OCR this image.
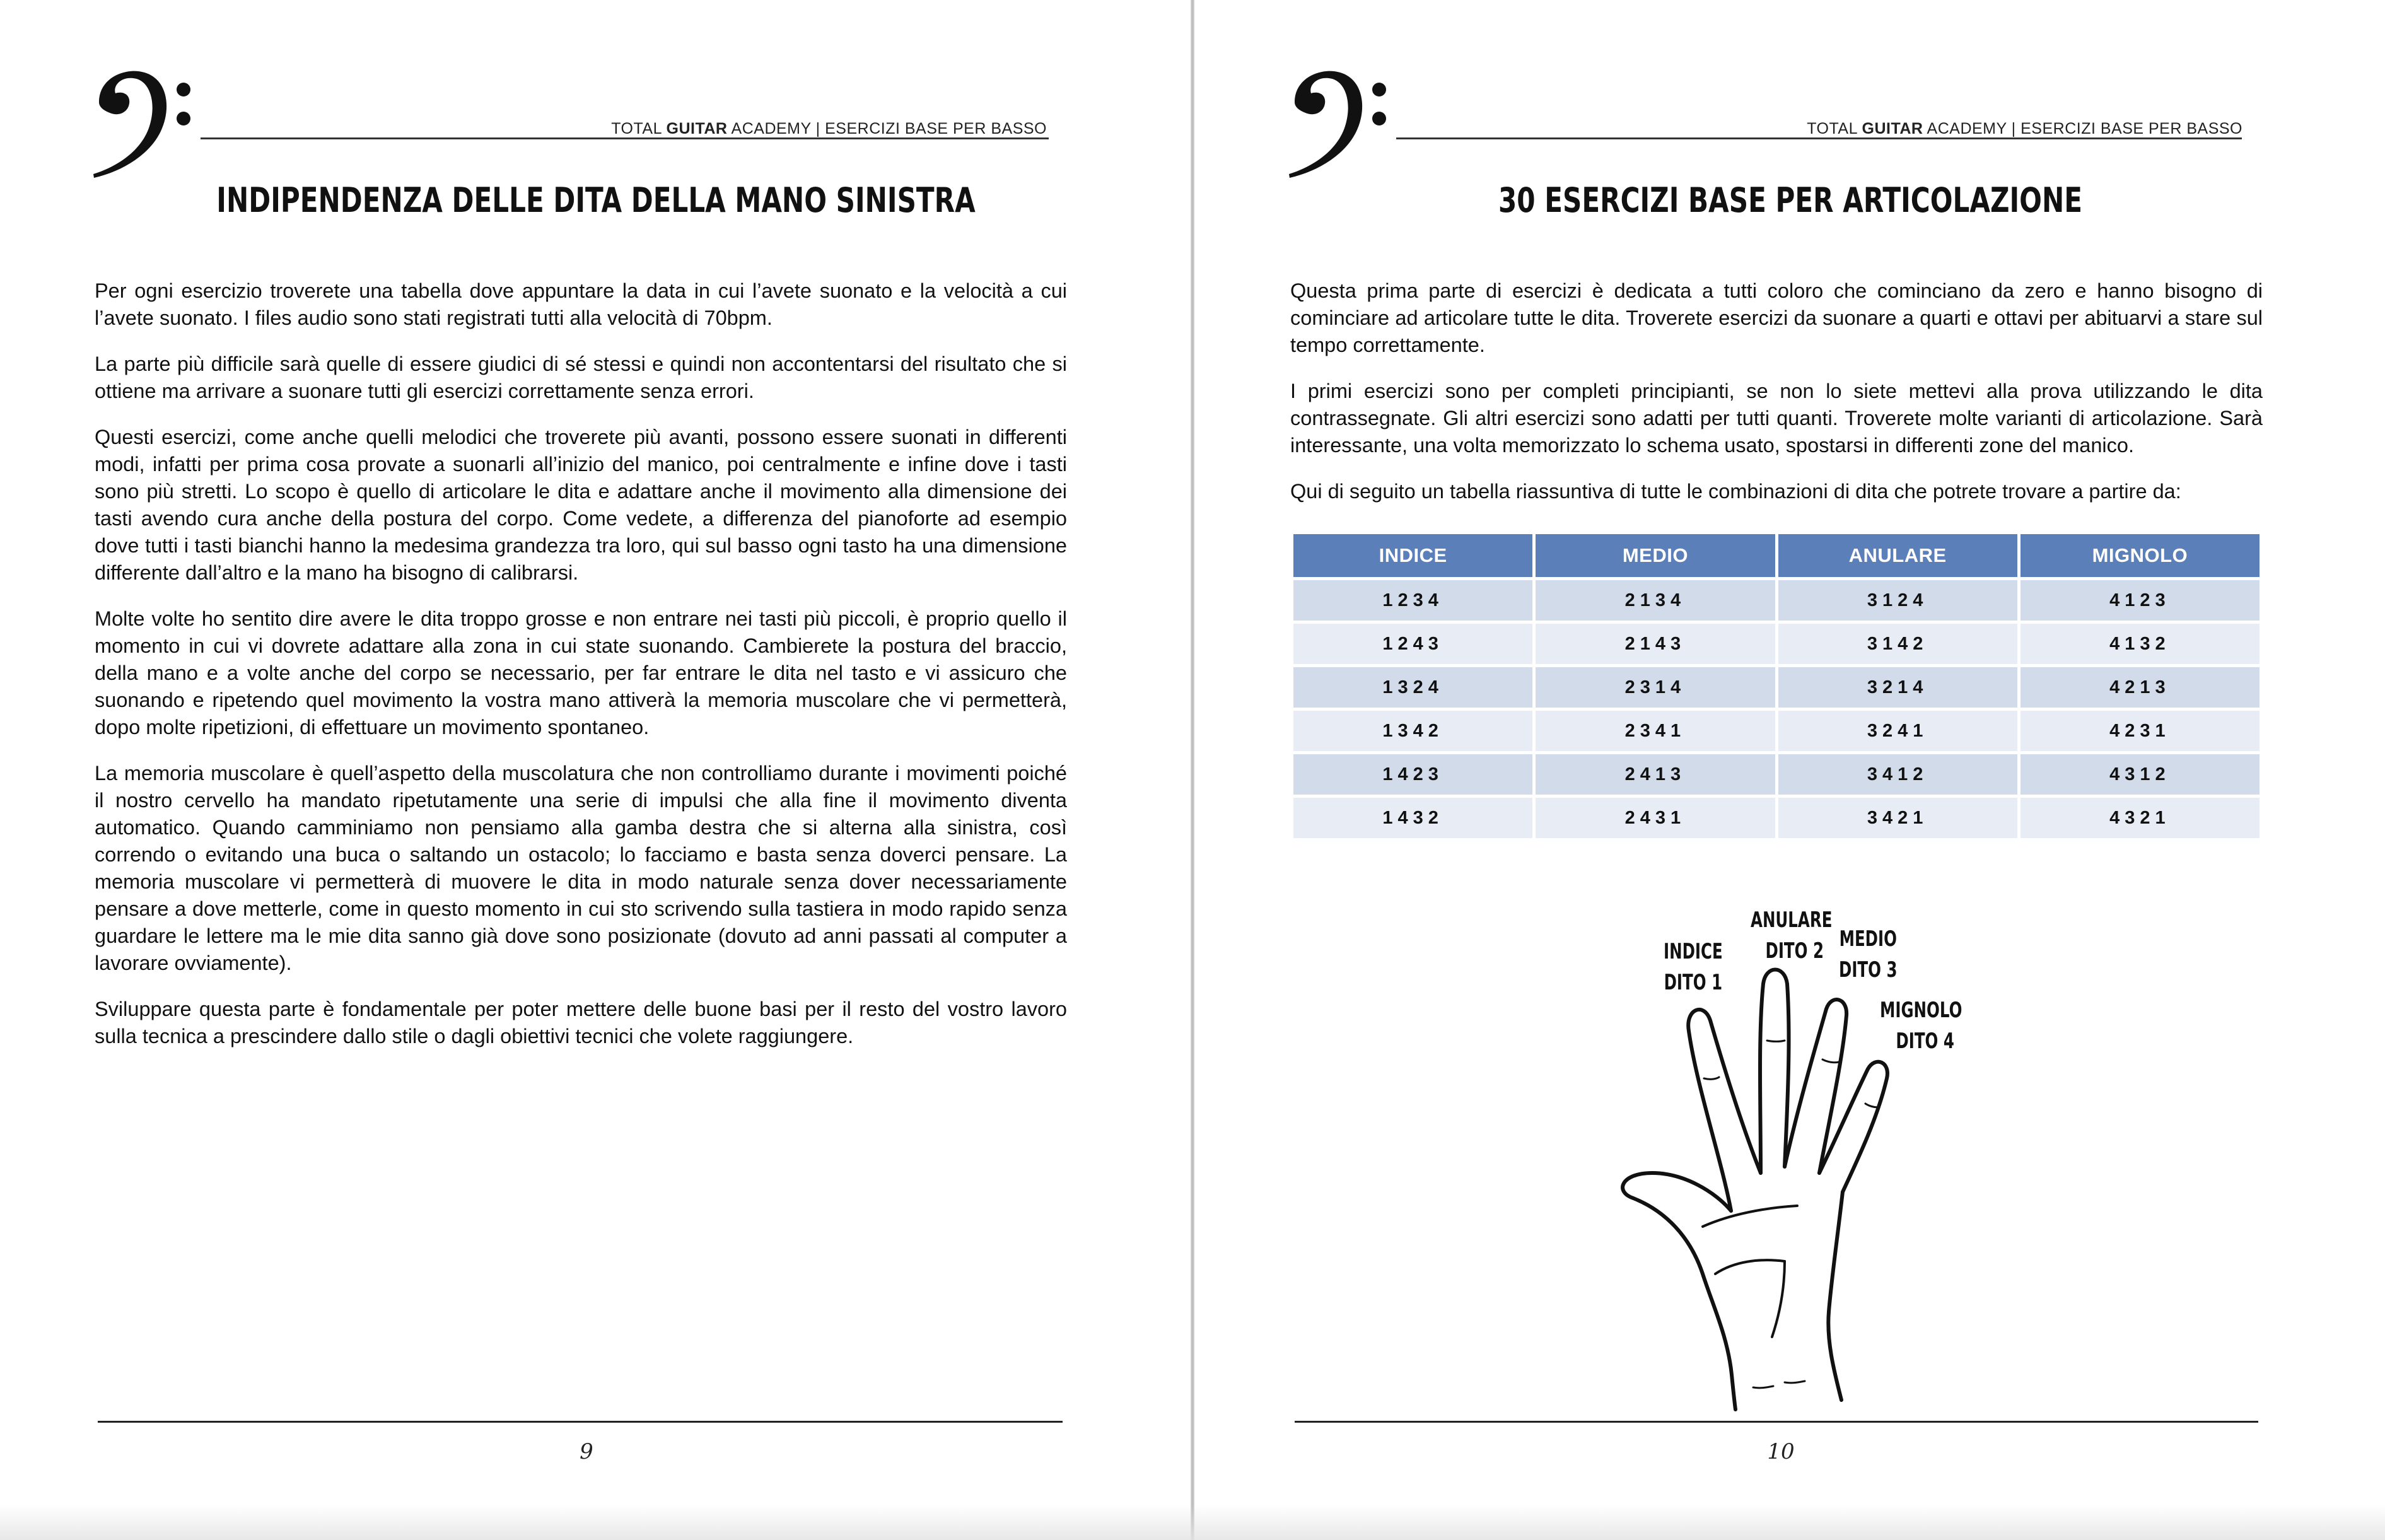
TOTAL GUITAR ACADEMY | ESERCIZI BASE PER BASSO
INDIPENDENZA DELLE DITA DELLA MANO SINISTRA

Per ogni esercizio troverete una tabella dove appuntare la data in cui l’avete suonato e la velocità a cui l’avete suonato. I files audio sono stati registrati tutti alla velocità di 70bpm.

La parte più difficile sarà quelle di essere giudici di sé stessi e quindi non accontentarsi del risultato che si ottiene ma arrivare a suonare tutti gli esercizi correttamente senza errori.

Questi esercizi, come anche quelli melodici che troverete più avanti, possono essere suonati in differenti modi, infatti per prima cosa provate a suonarli all’inizio del manico, poi centralmente e infine dove i tasti sono più stretti. Lo scopo è quello di articolare le dita e adattare anche il movimento alla dimensione dei tasti avendo cura anche della postura del corpo. Come vedete, a differenza del pianoforte ad esempio dove tutti i tasti bianchi hanno la medesima grandezza tra loro, qui sul basso ogni tasto ha una dimensione differente dall’altro e la mano ha bisogno di calibrarsi.

Molte volte ho sentito dire avere le dita troppo grosse e non entrare nei tasti più piccoli, è proprio quello il momento in cui vi dovrete adattare alla zona in cui state suonando. Cambierete la postura del braccio, della mano e a volte anche del corpo se necessario, per far entrare le dita nel tasto e vi assicuro che suonando e ripetendo quel movimento la vostra mano attiverà la memoria muscolare che vi permetterà, dopo molte ripetizioni, di effettuare un movimento spontaneo.

La memoria muscolare è quell’aspetto della muscolatura che non controlliamo durante i movimenti poiché il nostro cervello ha mandato ripetutamente una serie di impulsi che alla fine il movimento diventa automatico. Quando camminiamo non pensiamo alla gamba destra che si alterna alla sinistra, così correndo o evitando una buca o saltando un ostacolo; lo facciamo e basta senza doverci pensare. La memoria muscolare vi permetterà di muovere le dita in modo naturale senza dover necessariamente pensare a dove metterle, come in questo momento in cui sto scrivendo sulla tastiera in modo rapido senza guardare le lettere ma le mie dita sanno già dove sono posizionate (dovuto ad anni passati al computer a lavorare ovviamente).

Sviluppare questa parte è fondamentale per poter mettere delle buone basi per il resto del vostro lavoro sulla tecnica a prescindere dallo stile o dagli obiettivi tecnici che volete raggiungere.

9
TOTAL GUITAR ACADEMY | ESERCIZI BASE PER BASSO
30 ESERCIZI BASE PER ARTICOLAZIONE

Questa prima parte di esercizi è dedicata a tutti coloro che cominciano da zero e hanno bisogno di cominciare ad articolare tutte le dita. Troverete esercizi da suonare a quarti e ottavi per abituarvi a stare sul tempo correttamente.

I primi esercizi sono per completi principianti, se non lo siete mettevi alla prova utilizzando le dita contrassegnate. Gli altri esercizi sono adatti per tutti quanti. Troverete molte varianti di articolazione. Sarà interessante, una volta memorizzato lo schema usato, spostarsi in differenti zone del manico.

Qui di seguito un tabella riassuntiva di tutte le combinazioni di dita che potrete trovare a partire da:

INDICE	MEDIO	ANULARE	MIGNOLO
1234	2134	3124	4123
1243	2143	3142	4132
1324	2314	3214	4213
1342	2341	3241	4231
1423	2413	3412	4312
1432	2431	3421	4321
INDICE
DITO 1
ANULARE
DITO 2 MEDIO
DITO 3
MIGNOLO
DITO 4
10
